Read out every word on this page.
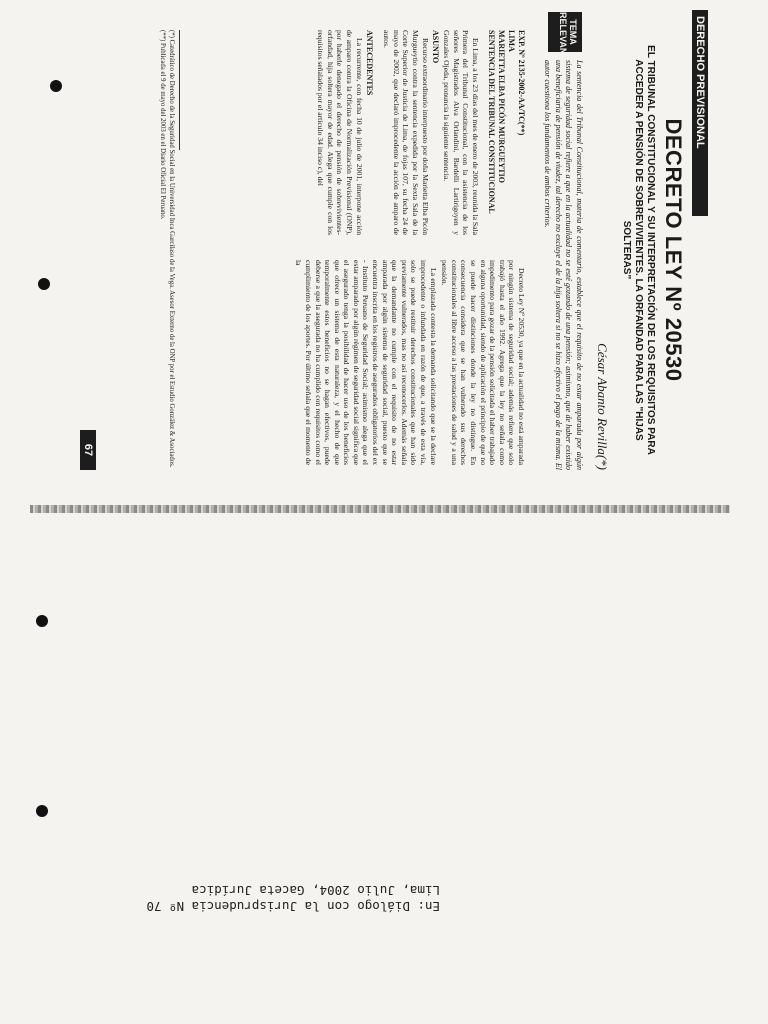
DERECHO PREVISIONAL
DECRETO LEY Nº 20530
EL TRIBUNAL CONSTITUCIONAL Y SU INTERPRETACIÓN DE LOS REQUISITOS PARA ACCEDER A PENSIÓN DE SOBREVIVIENTES. LA ORFANDAD PARA LAS "HIJAS SOLTERAS"
César Abanto Revilla(*)
TEMA RELEVANTE
La sentencia del Tribunal Constitucional, materia de comentario, establece que el requisito de no estar amparada por algún sistema de seguridad social refiere a que en la actualidad no se esté gozando de una pensión; asimismo, que de haber existido una beneficiaria de pensión de viudez, tal derecho no excluye el de la hija soltera si no se hizo efectivo el pago de la misma. El autor cuestiona los fundamentos de ambos criterios.

EXP. Nº 2135-2002-AA/TC(**)

LIMA

MARIETTA ELBA PICÓN MURGUEYTIO

SENTENCIA DEL TRIBUNAL CONSTITUCIONAL

En Lima, a los 23 días del mes de enero de 2003, reunida la Sala Primera del Tribunal Constitucional, con la asistencia de los señores Magistrados Alva Orlandini, Bardelli Lartirigoyen y Gonzales Ojeda, pronuncia la siguiente sentencia.

ASUNTO

Recurso extraordinario interpuesto por doña Marietta Elba Picón Murgueytio contra la sentencia expedida por la Sexta Sala de la Corte Superior de Justicia de Lima, de fojas 107, su fecha 24 de mayo de 2002, que declaró improcedente la acción de amparo de autos.

ANTECEDENTES

La recurrente, con fecha 10 de julio de 2001, interpone acción de amparo contra la Oficina de Normalización Previsional (ONP), por haberle denegado el derecho de pensión de sobrevivientes-orfandad, hija soltera mayor de edad. Alega que cumple con los requisitos señalados por el artículo 34 inciso c), del

Decreto Ley Nº 20530, ya que en la actualidad no está amparada por ningún sistema de seguridad social; además refiere que solo trabajó hasta el año 1992. Agrega que la ley no señala como impedimento para gozar de la pensión solicitada el haber trabajado en alguna oportunidad, siendo de aplicación el principio de que no se puede hacer distinciones donde la ley no distingue. En consecuencia considera que se han vulnerado sus derechos constitucionales al libre acceso a las prestaciones de salud y a una pensión.

La emplazada contesta la demanda solicitando que se la declare improcedente o infundada en razón de que, a través de esta vía, solo se puede restituir derechos constitucionales que han sido previamente vulnerados, mas no así reconocerlos. Además señala que la demandante no cumple con el requisito de no estar amparada por algún sistema de seguridad social, puesto que se encuentra inscrita en los registros de asegurados obligatorios del ex - Instituto Peruano de Seguridad Social; asimismo alega que el estar amparado por algún régimen de seguridad social significa que el asegurado tenga la posibilidad de hacer uso de los beneficios que ofrece un sistema de esta naturaleza, y el hecho de que temporalmente estos beneficios no se hagan efectivos, puede deberse a que la asegurada no ha cumplido con requisitos como el cumplimiento de los aportes. Por último señala que el momento de la

(*) Catedrático de Derecho de la Seguridad Social en la Universidad Inca Garcilaso de la Vega. Asesor Externo de la ONP por el Estudio González & Asociados.

(**) Publicada el 9 de mayo del 2003 en el Diario Oficial El Peruano.

67
En: Diálogo con la Jurisprudencia Nº 70
Lima, Julio 2004, Gaceta Jurídica
